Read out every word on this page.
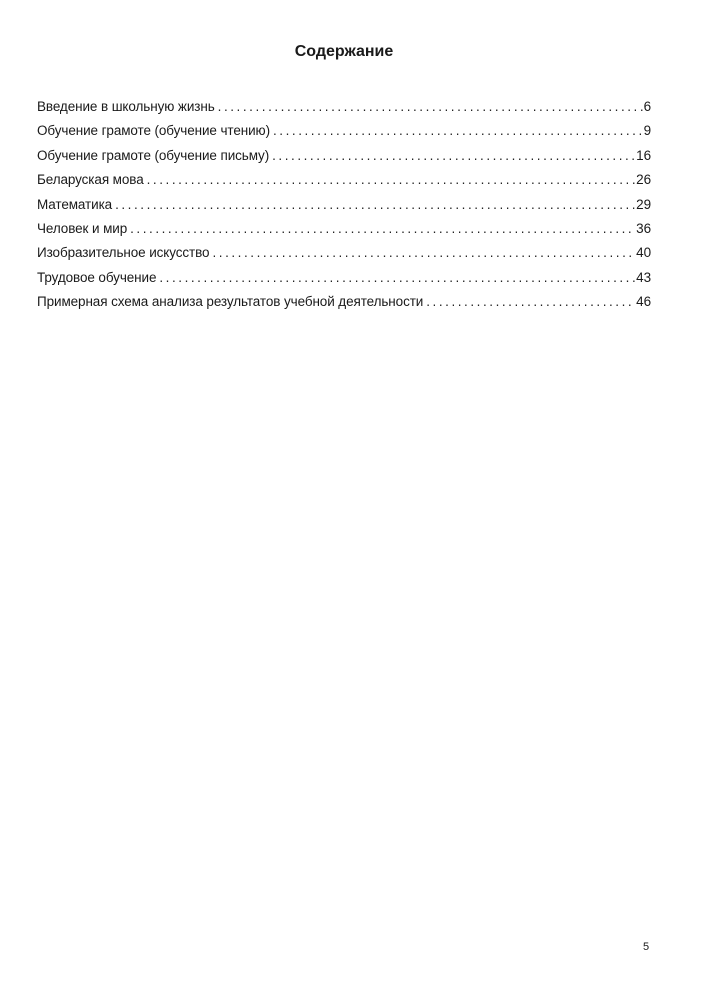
Содержание
Введение в школьную жизнь . . .	6
Обучение грамоте (обучение чтению) . . .	9
Обучение грамоте (обучение письму) . . .	16
Беларуская мова . . .	26
Математика . . .	29
Человек и мир . . .	36
Изобразительное искусство . . .	40
Трудовое обучение . . .	43
Примерная схема анализа результатов учебной деятельности . . .	46
5
